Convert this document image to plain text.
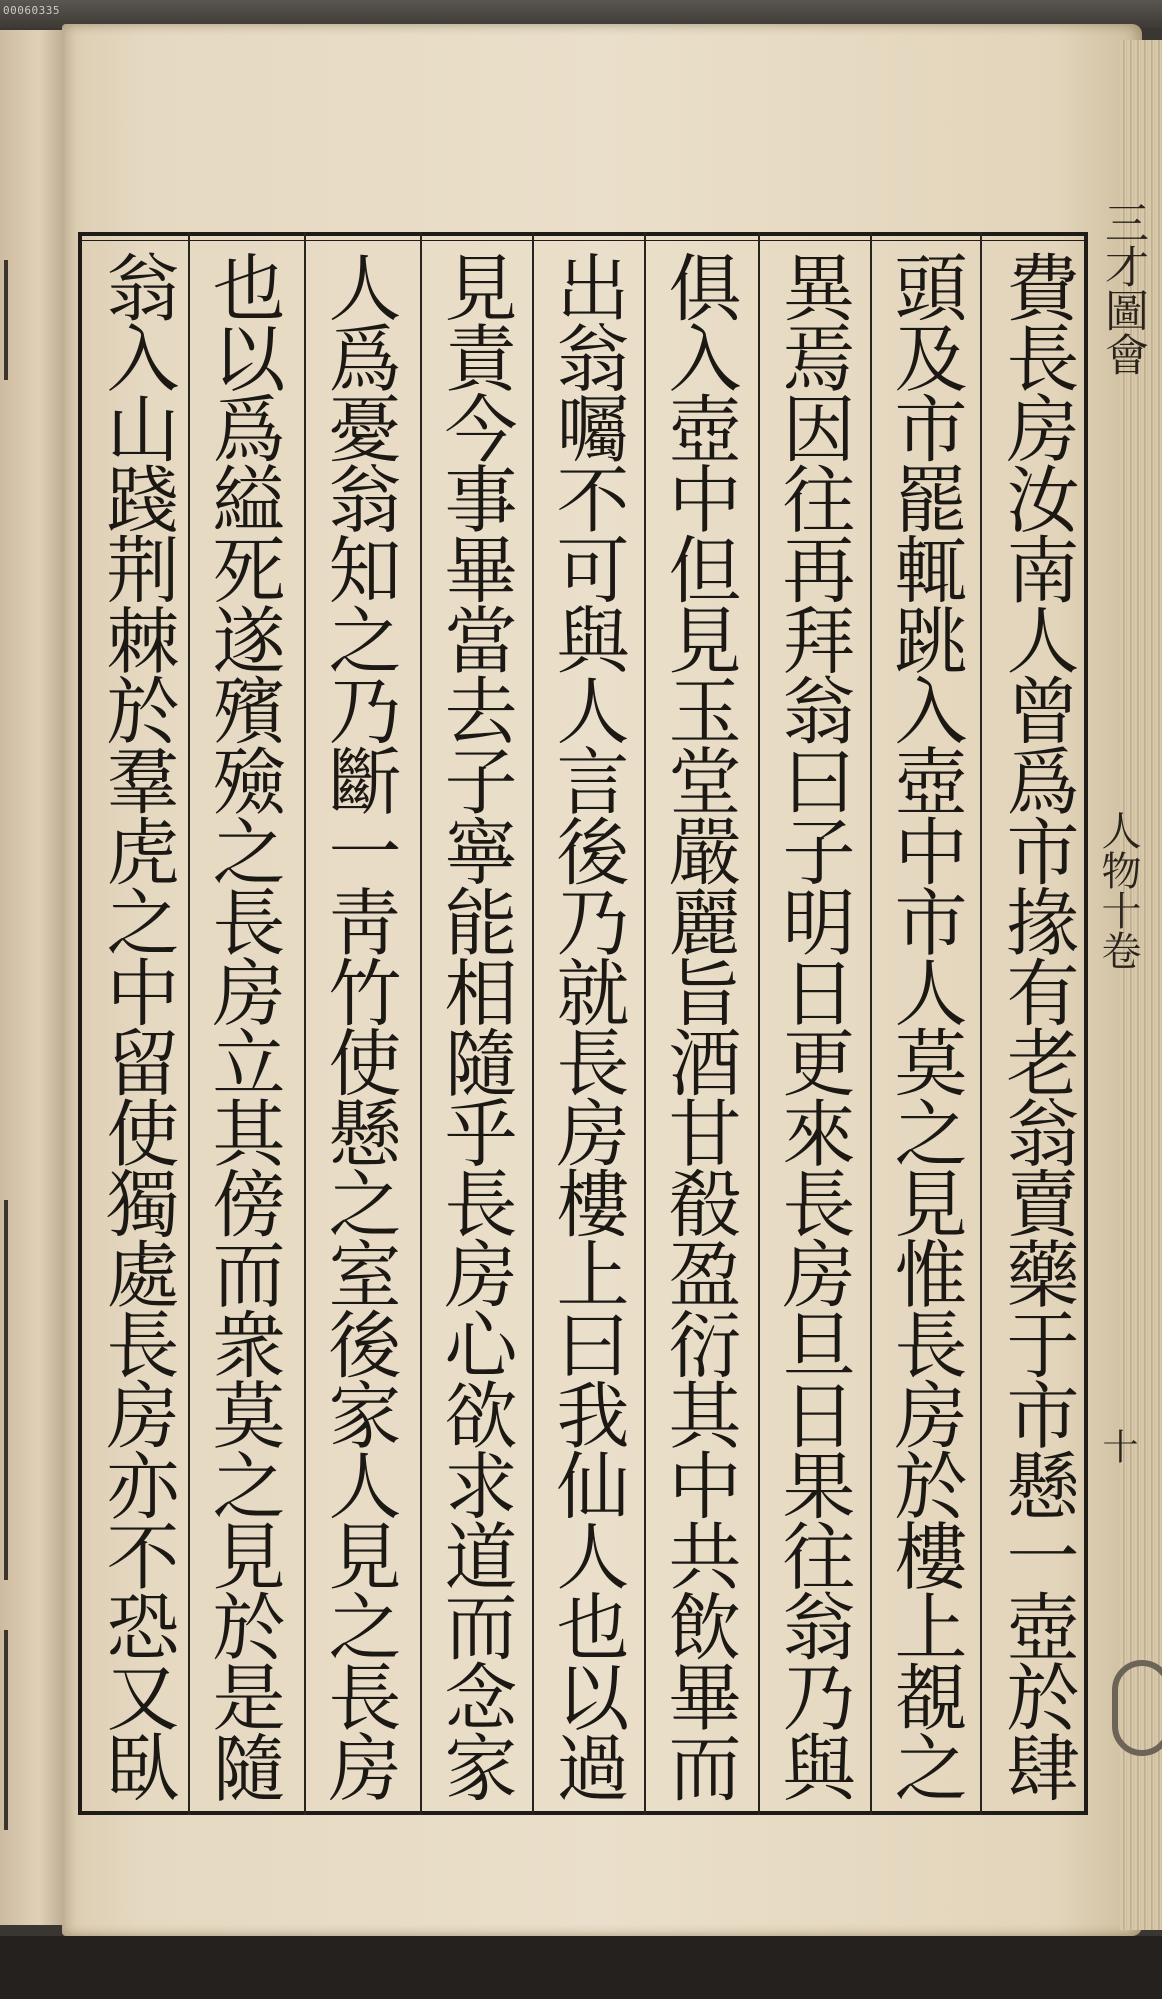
00060335
費長房汝南人曾爲市掾有老翁賣藥于市懸一壺於肆
頭及市罷輒跳入壺中市人莫之見惟長房於樓上覩之
異焉因往再拜翁曰子明日更來長房旦日果往翁乃與
俱入壺中但見玉堂嚴麗旨酒甘殽盈衍其中共飲畢而
出翁囑不可與人言後乃就長房樓上曰我仙人也以過
見責今事畢當去子寧能相隨乎長房心欲求道而念家
人爲憂翁知之乃斷一靑竹使懸之室後家人見之長房
也以爲縊死遂殯殮之長房立其傍而衆莫之見於是隨
翁入山踐荆棘於羣虎之中留使獨處長房亦不恐又臥	三才圖會
人物十卷
十
